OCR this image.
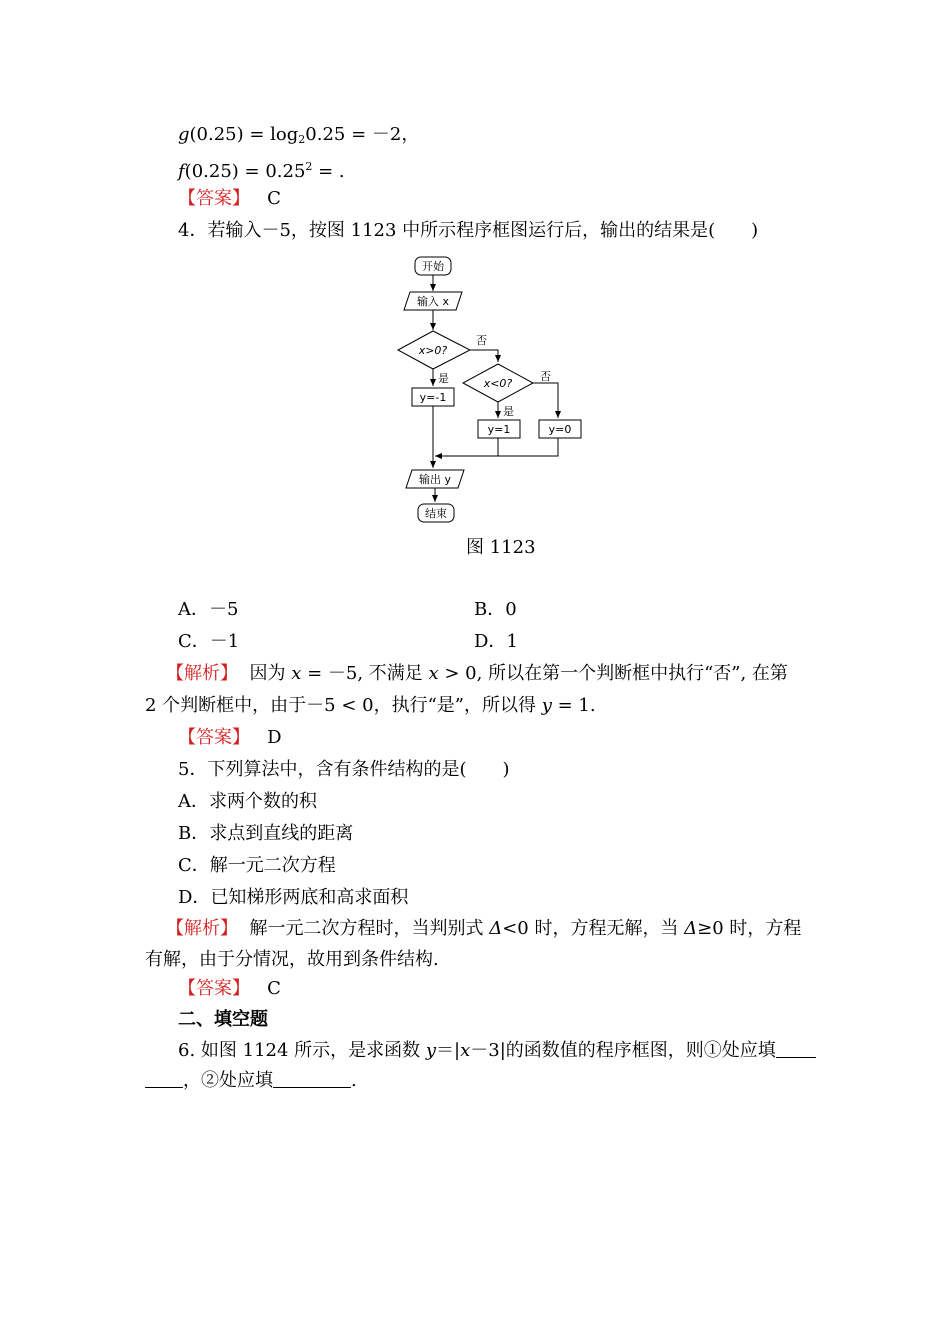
$g(0.25) = \log_20.25 = -2$，
$f(0.25) = 0.25^2$ = .
【答案】 C
4．若输入－5，按图 1123 中所示程序框图运行后，输出的结果是(　　)
开始
输入 x
x>0?
否
是
y=-1
x<0?
否
是
y=1	y=0
输出 y
结束
图 1123
A．－5	B．0
C．－1	D．1
【解析】 因为 x = －5, 不满足 x > 0, 所以在第一个判断框中执行“否”, 在第
2 个判断框中，由于－5 < 0，执行“是”，所以得 y = 1.
【答案】 D
5．下列算法中，含有条件结构的是(　　)
A．求两个数的积
B．求点到直线的距离
C．解一元二次方程
D．已知梯形两底和高求面积
【解析】 解一元二次方程时，当判别式 Δ<0 时，方程无解，当 Δ≥0 时，方程
有解，由于分情况，故用到条件结构.
【答案】 C
二、填空题
6. 如图 1124 所示，是求函数 y＝|x－3|的函数值的程序框图，则①处应填
，②处应填	.
